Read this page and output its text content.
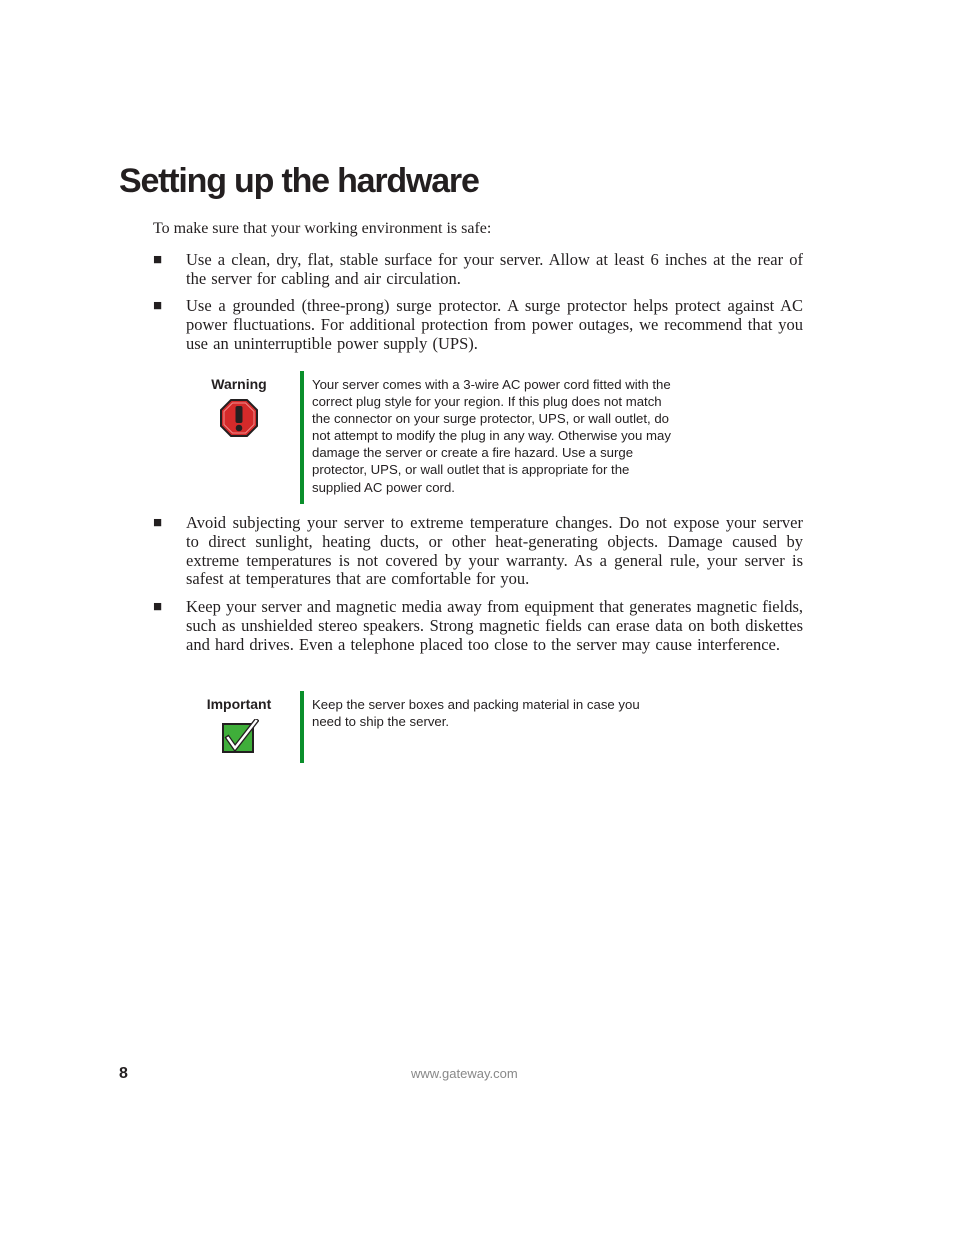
Setting up the hardware

To make sure that your working environment is safe:

■ Use a clean, dry, flat, stable surface for your server. Allow at least 6 inches at the rear of the server for cabling and air circulation.
■ Use a grounded (three-prong) surge protector. A surge protector helps protect against AC power fluctuations. For additional protection from power outages, we recommend that you use an uninterruptible power supply (UPS).
Warning	Your server comes with a 3-wire AC power cord fitted with the correct plug style for your region. If this plug does not match the connector on your surge protector, UPS, or wall outlet, do not attempt to modify the plug in any way. Otherwise you may damage the server or create a fire hazard. Use a surge protector, UPS, or wall outlet that is appropriate for the supplied AC power cord.
■ Avoid subjecting your server to extreme temperature changes. Do not expose your server to direct sunlight, heating ducts, or other heat-generating objects. Damage caused by extreme temperatures is not covered by your warranty. As a general rule, your server is safest at temperatures that are comfortable for you.
■ Keep your server and magnetic media away from equipment that generates magnetic fields, such as unshielded stereo speakers. Strong magnetic fields can erase data on both diskettes and hard drives. Even a telephone placed too close to the server may cause interference.
Important	Keep the server boxes and packing material in case you need to ship the server.
8	www.gateway.com
